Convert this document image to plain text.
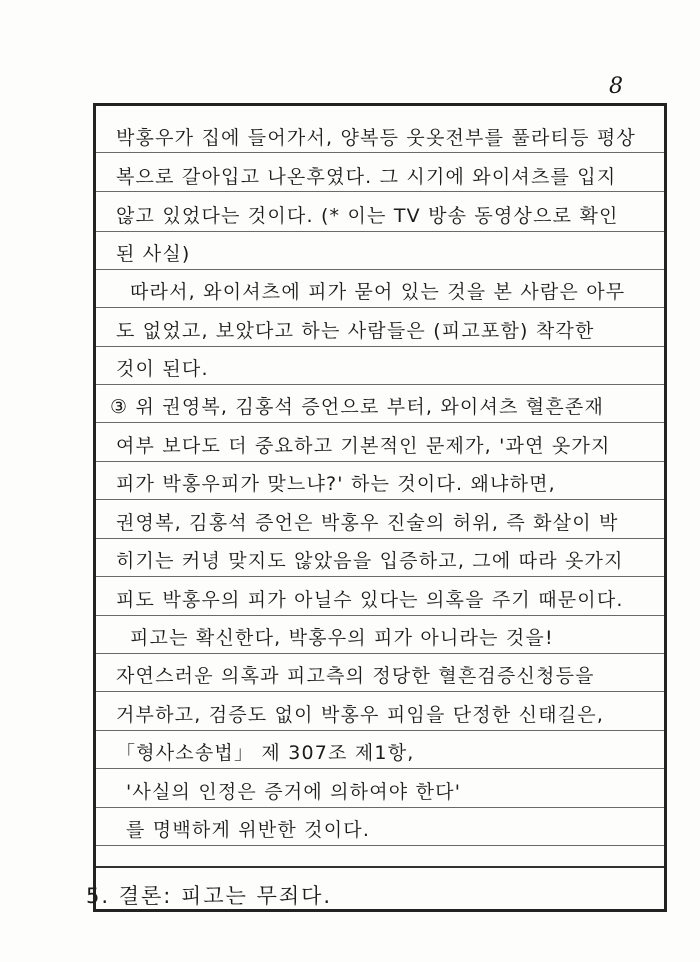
8
박홍우가 집에 들어가서, 양복등 웃옷전부를 풀라티등 평상
복으로 갈아입고 나온후였다. 그 시기에 와이셔츠를 입지
않고 있었다는 것이다. (* 이는 TV 방송 동영상으로 확인
된 사실)
따라서, 와이셔츠에 피가 묻어 있는 것을 본 사람은 아무
도 없었고, 보았다고 하는 사람들은 (피고포함) 착각한
것이 된다.
③ 위 권영복, 김홍석 증언으로 부터, 와이셔츠 혈흔존재
여부 보다도 더 중요하고 기본적인 문제가, '과연 옷가지
피가 박홍우피가 맞느냐?' 하는 것이다. 왜냐하면,
권영복, 김홍석 증언은 박홍우 진술의 허위, 즉 화살이 박
히기는 커녕 맞지도 않았음을 입증하고, 그에 따라 옷가지
피도 박홍우의 피가 아닐수 있다는 의혹을 주기 때문이다.
피고는 확신한다, 박홍우의 피가 아니라는 것을!
자연스러운 의혹과 피고측의 정당한 혈흔검증신청등을
거부하고, 검증도 없이 박홍우 피임을 단정한 신태길은,
「형사소송법」 제 307조 제1항,
'사실의 인정은 증거에 의하여야 한다'
를 명백하게 위반한 것이다.
5. 결론: 피고는 무죄다.
